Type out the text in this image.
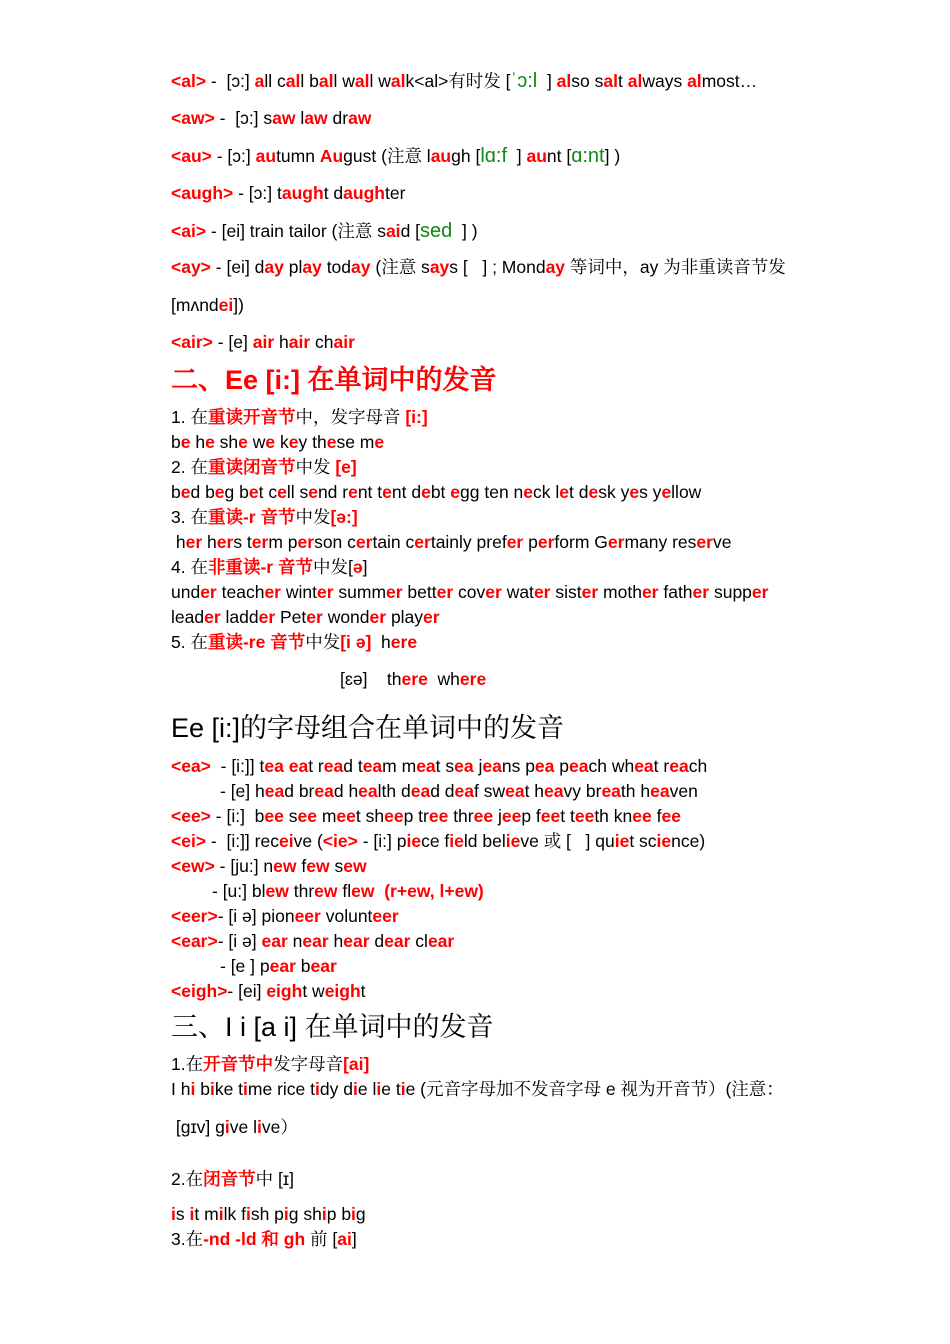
<al> -  [ɔ:] all call ball wall walk<al>有时发 [ˈɔ:l  ] also salt always almost…
<aw> -  [ɔ:] saw law draw
<au> - [ɔ:] autumn August (注意 laugh [lɑ:f  ] aunt [ɑ:nt] )
<augh> - [ɔ:] taught daughter
<ai> - [ei] train tailor (注意 said [sed  ] )
<ay> - [ei] day play today (注意 says [   ] ; Monday 等词中，ay 为非重读音节发
[mʌndei])
<air> - [e] air hair chair
二、Ee [i:] 在单词中的发音
1. 在重读开音节中，发字母音 [i:]
be he she we key these me
2. 在重读闭音节中发 [e]
bed beg bet cell send rent tent debt egg ten neck let desk yes yellow
3. 在重读-r 音节中发[ə:]
her hers term person certain certainly prefer perform Germany reserve
4. 在非重读-r 音节中发[ə]
under teacher winter summer better cover water sister mother father supper
leader ladder Peter wonder player
5. 在重读-re 音节中发[i ə]  here
[ɛə]    there  where
Ee [i:]的字母组合在单词中的发音
<ea>  - [i:]] tea eat read team meat sea jeans pea peach wheat reach
- [e] head bread health dead deaf sweat heavy breath heaven
<ee> - [i:]  bee see meet sheep tree three jeep feet teeth knee fee
<ei> -  [i:]] receive (<ie> - [i:] piece field believe 或 [   ] quiet science)
<ew> - [ju:] new few sew
- [u:] blew threw flew  (r+ew, l+ew)
<eer>- [i ə] pioneer volunteer
<ear>- [i ə] ear near hear dear clear
- [e ] pear bear
<eigh>- [ei] eight weight
三、I i [a i] 在单词中的发音
1.在开音节中发字母音[ai]
I hi bike time rice tidy die lie tie (元音字母加不发音字母 e 视为开音节）(注意：
[gɪv] give live）
2.在闭音节中 [ɪ]
is it milk fish pig ship big
3.在-nd -ld 和 gh 前 [ai]
